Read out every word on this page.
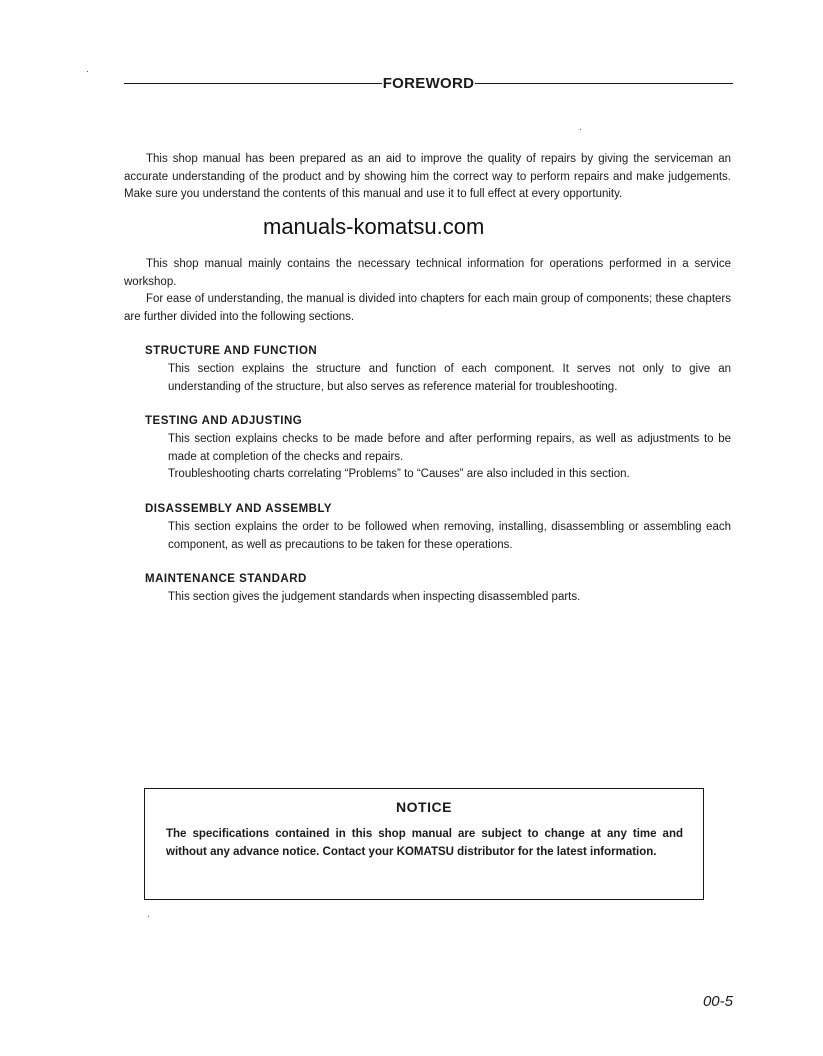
FOREWORD

This shop manual has been prepared as an aid to improve the quality of repairs by giving the serviceman an accurate understanding of the product and by showing him the correct way to perform repairs and make judgements. Make sure you understand the contents of this manual and use it to full effect at every opportunity.

manuals-komatsu.com

This shop manual mainly contains the necessary technical information for operations performed in a service workshop.

For ease of understanding, the manual is divided into chapters for each main group of components; these chapters are further divided into the following sections.

STRUCTURE AND FUNCTION

This section explains the structure and function of each component. It serves not only to give an understanding of the structure, but also serves as reference material for troubleshooting.

TESTING AND ADJUSTING

This section explains checks to be made before and after performing repairs, as well as adjustments to be made at completion of the checks and repairs.

Troubleshooting charts correlating “Problems” to “Causes” are also included in this section.

DISASSEMBLY AND ASSEMBLY

This section explains the order to be followed when removing, installing, disassembling or assembling each component, as well as precautions to be taken for these operations.

MAINTENANCE STANDARD

This section gives the judgement standards when inspecting disassembled parts.

NOTICE

The specifications contained in this shop manual are subject to change at any time and without any advance notice. Contact your KOMATSU distributor for the latest information.

00-5
